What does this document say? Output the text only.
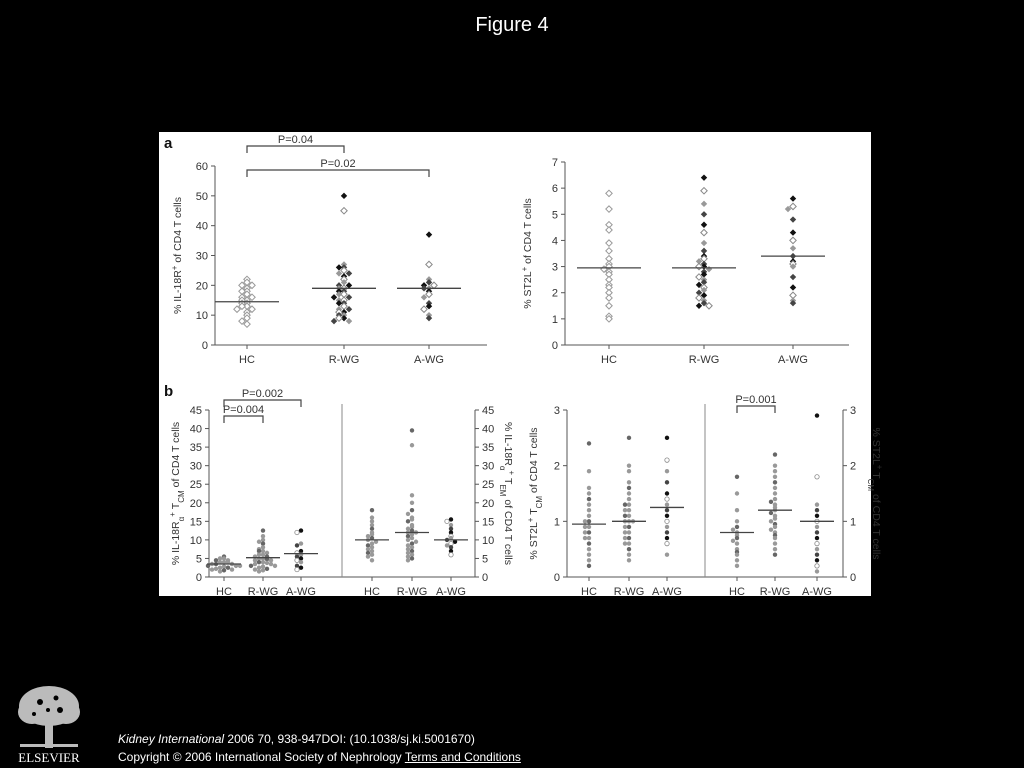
Figure 4
0
10
20
30
40
50
60
HC	R-WG	A-WG
% IL-18R+ of CD4 T cells
P=0.04
P=0.02
a
0
1
2
3
4
5
6
7
HC	R-WG	A-WG
% ST2L+ of CD4 T cells
0
5
10
15
20
25
30
35
40
45
HC R-WG A-WG
% $IL-18R_\alpha^+$ $T_{CM}$ of CD4 T cells
P=0.004
P=0.002
b
0
5
10
15
20
25
30
35
40
45
HC R-WG A-WG
% $IL-18R_\alpha^+$ $T_{EM}$ of CD4 T cells
0
1
2
3
HC R-WG A-WG
% ST2L+ $T_{CM}$ of CD4 T cells
0
1
2
3
HC R-WG A-WG
% ST2L+ $T_{CM}$ of CD4 T cells
P=0.001
ELSEVIER
Kidney International 2006 70, 938-947DOI: (10.1038/sj.ki.5001670)
Copyright © 2006 International Society of Nephrology Terms and Conditions
